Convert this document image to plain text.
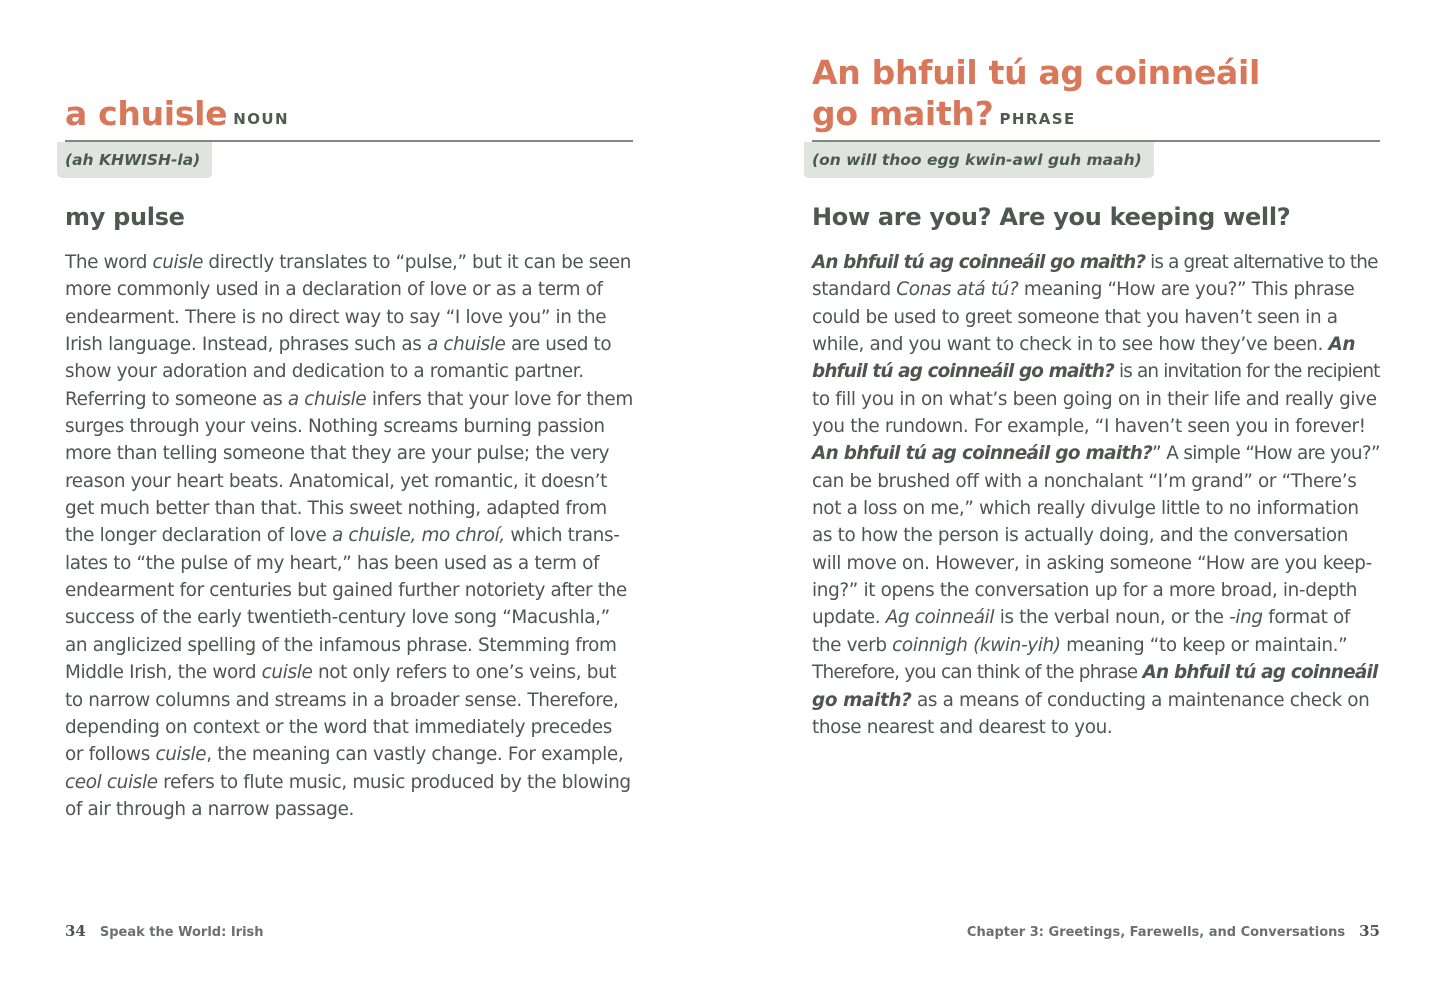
a chuisle NOUN
(ah KHWISH-la)
my pulse
The word cuisle directly translates to “pulse,” but it can be seen
more commonly used in a declaration of love or as a term of
endearment. There is no direct way to say “I love you” in the
Irish language. Instead, phrases such as a chuisle are used to
show your adoration and dedication to a romantic partner.
Referring to someone as a chuisle infers that your love for them
surges through your veins. Nothing screams burning passion
more than telling someone that they are your pulse; the very
reason your heart beats. Anatomical, yet romantic, it doesn’t
get much better than that. This sweet nothing, adapted from
the longer declaration of love a chuisle, mo chroí, which trans-
lates to “the pulse of my heart,” has been used as a term of
endearment for centuries but gained further notoriety after the
success of the early twentieth-century love song “Macushla,”
an anglicized spelling of the infamous phrase. Stemming from
Middle Irish, the word cuisle not only refers to one’s veins, but
to narrow columns and streams in a broader sense. Therefore,
depending on context or the word that immediately precedes
or follows cuisle, the meaning can vastly change. For example,
ceol cuisle refers to flute music, music produced by the blowing
of air through a narrow passage.
An bhfuil tú ag coinneáil
go maith? PHRASE
(on will thoo egg kwin-awl guh maah)
How are you? Are you keeping well?
An bhfuil tú ag coinneáil go maith? is a great alternative to the
standard Conas atá tú? meaning “How are you?” This phrase
could be used to greet someone that you haven’t seen in a
while, and you want to check in to see how they’ve been. An
bhfuil tú ag coinneáil go maith? is an invitation for the recipient
to fill you in on what’s been going on in their life and really give
you the rundown. For example, “I haven’t seen you in forever!
An bhfuil tú ag coinneáil go maith?” A simple “How are you?”
can be brushed off with a nonchalant “I’m grand” or “There’s
not a loss on me,” which really divulge little to no information
as to how the person is actually doing, and the conversation
will move on. However, in asking someone “How are you keep-
ing?” it opens the conversation up for a more broad, in-depth
update. Ag coinneáil is the verbal noun, or the -ing format of
the verb coinnigh (kwin-yih) meaning “to keep or maintain.”
Therefore, you can think of the phrase An bhfuil tú ag coinneáil
go maith? as a means of conducting a maintenance check on
those nearest and dearest to you.
34 Speak the World: Irish	Chapter 3: Greetings, Farewells, and Conversations 35
